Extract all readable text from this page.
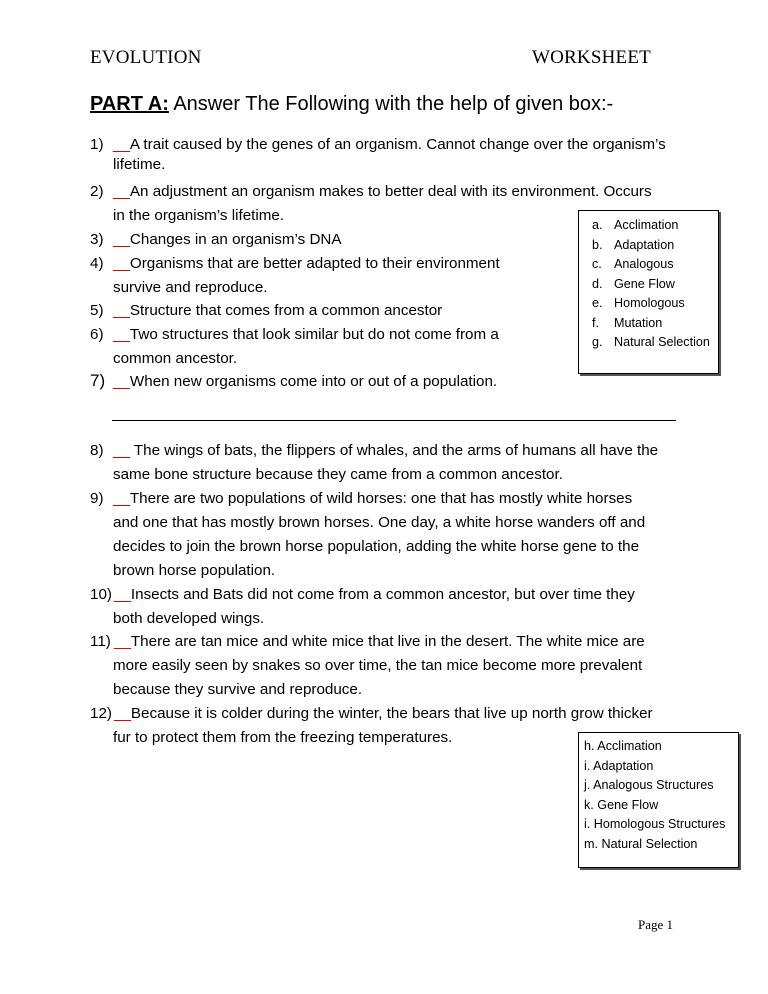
EVOLUTION	WORKSHEET
PART A: Answer The Following with the help of given box:-
1) __A trait caused by the genes of an organism. Cannot change over the organism’s
lifetime.
2) __An adjustment an organism makes to better deal with its environment. Occurs
in the organism’s lifetime.
3) __Changes in an organism’s DNA
4) __Organisms that are better adapted to their environment
survive and reproduce.
5) __Structure that comes from a common ancestor
6) __Two structures that look similar but do not come from a
common ancestor.
7) __When new organisms come into or out of a population.
a. Acclimation
b. Adaptation
c. Analogous
d. Gene Flow
e. Homologous
f. Mutation
g. Natural Selection
8) __ The wings of bats, the flippers of whales, and the arms of humans all have the
same bone structure because they came from a common ancestor.
9) __There are two populations of wild horses: one that has mostly white horses
and one that has mostly brown horses. One day, a white horse wanders off and
decides to join the brown horse population, adding the white horse gene to the
brown horse population.
10) __Insects and Bats did not come from a common ancestor, but over time they
both developed wings.
11) __There are tan mice and white mice that live in the desert. The white mice are
more easily seen by snakes so over time, the tan mice become more prevalent
because they survive and reproduce.
12) __Because it is colder during the winter, the bears that live up north grow thicker
fur to protect them from the freezing temperatures.	h. Acclimation
i. Adaptation
j. Analogous Structures
k. Gene Flow
i. Homologous Structures
m. Natural Selection
Page 1
